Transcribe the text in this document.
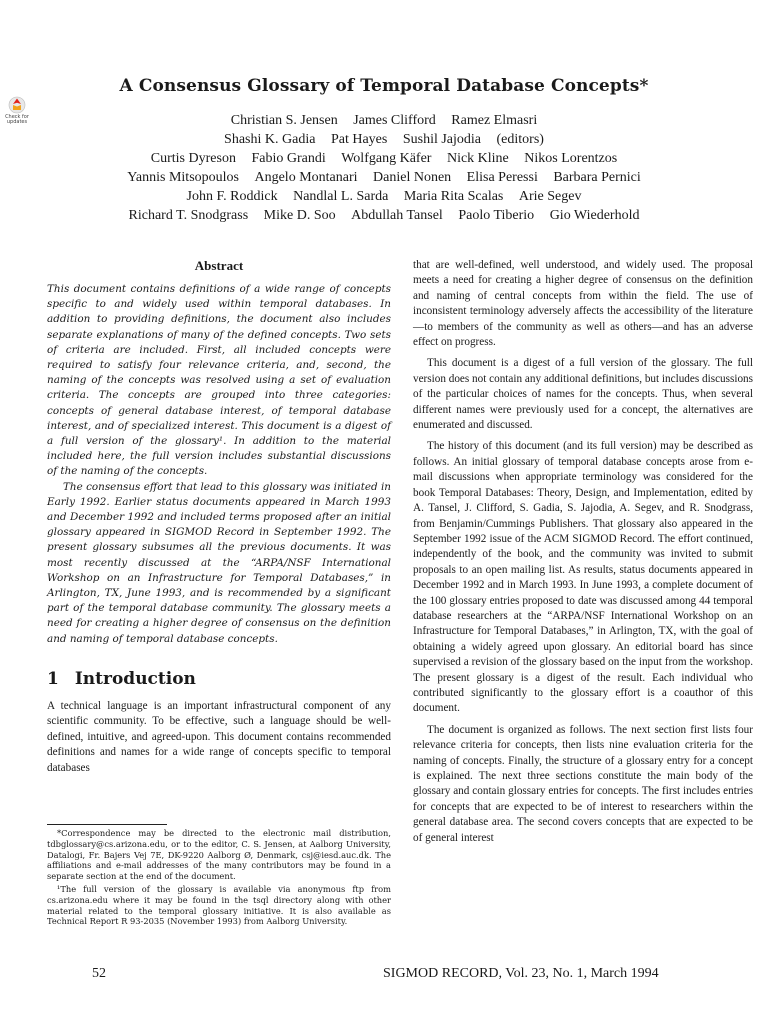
Check for updates
A Consensus Glossary of Temporal Database Concepts*
Christian S. Jensen James Clifford Ramez Elmasri
Shashi K. Gadia Pat Hayes Sushil Jajodia (editors)
Curtis Dyreson Fabio Grandi Wolfgang Käfer Nick Kline Nikos Lorentzos
Yannis Mitsopoulos Angelo Montanari Daniel Nonen Elisa Peressi Barbara Pernici
John F. Roddick Nandlal L. Sarda Maria Rita Scalas Arie Segev
Richard T. Snodgrass Mike D. Soo Abdullah Tansel Paolo Tiberio Gio Wiederhold
Abstract

This document contains definitions of a wide range of concepts specific to and widely used within temporal databases. In addition to providing definitions, the document also includes separate explanations of many of the defined concepts. Two sets of criteria are included. First, all included concepts were required to satisfy four relevance criteria, and, second, the naming of the concepts was resolved using a set of evaluation criteria. The concepts are grouped into three categories: concepts of general database interest, of temporal database interest, and of specialized interest. This document is a digest of a full version of the glossary¹. In addition to the material included here, the full version includes substantial discussions of the naming of the concepts.

The consensus effort that lead to this glossary was initiated in Early 1992. Earlier status documents appeared in March 1993 and December 1992 and included terms proposed after an initial glossary appeared in SIGMOD Record in September 1992. The present glossary subsumes all the previous documents. It was most recently discussed at the “ARPA/NSF International Workshop on an Infrastructure for Temporal Databases,” in Arlington, TX, June 1993, and is recommended by a significant part of the temporal database community. The glossary meets a need for creating a higher degree of consensus on the definition and naming of temporal database concepts.

1 Introduction

A technical language is an important infrastructural component of any scientific community. To be effective, such a language should be well-defined, intuitive, and agreed-upon. This document contains recommended definitions and names for a wide range of concepts specific to temporal databases

*Correspondence may be directed to the electronic mail distribution, tdbglossary@cs.arizona.edu, or to the editor, C. S. Jensen, at Aalborg University, Datalogi, Fr. Bajers Vej 7E, DK-9220 Aalborg Ø, Denmark, csj@iesd.auc.dk. The affiliations and e-mail addresses of the many contributors may be found in a separate section at the end of the document.

¹The full version of the glossary is available via anonymous ftp from cs.arizona.edu where it may be found in the tsql directory along with other material related to the temporal glossary initiative. It is also available as Technical Report R 93-2035 (November 1993) from Aalborg University.

that are well-defined, well understood, and widely used. The proposal meets a need for creating a higher degree of consensus on the definition and naming of central concepts from within the field. The use of inconsistent terminology adversely affects the accessibility of the literature—to members of the community as well as others—and has an adverse effect on progress.

This document is a digest of a full version of the glossary. The full version does not contain any additional definitions, but includes discussions of the particular choices of names for the concepts. Thus, when several different names were previously used for a concept, the alternatives are enumerated and discussed.

The history of this document (and its full version) may be described as follows. An initial glossary of temporal database concepts arose from e-mail discussions when appropriate terminology was considered for the book Temporal Databases: Theory, Design, and Implementation, edited by A. Tansel, J. Clifford, S. Gadia, S. Jajodia, A. Segev, and R. Snodgrass, from Benjamin/Cummings Publishers. That glossary also appeared in the September 1992 issue of the ACM SIGMOD Record. The effort continued, independently of the book, and the community was invited to submit proposals to an open mailing list. As results, status documents appeared in December 1992 and in March 1993. In June 1993, a complete document of the 100 glossary entries proposed to date was discussed among 44 temporal database researchers at the “ARPA/NSF International Workshop on an Infrastructure for Temporal Databases,” in Arlington, TX, with the goal of obtaining a widely agreed upon glossary. An editorial board has since supervised a revision of the glossary based on the input from the workshop. The present glossary is a digest of the result. Each individual who contributed significantly to the glossary effort is a coauthor of this document.

The document is organized as follows. The next section first lists four relevance criteria for concepts, then lists nine evaluation criteria for the naming of concepts. Finally, the structure of a glossary entry for a concept is explained. The next three sections constitute the main body of the glossary and contain glossary entries for concepts. The first includes entries for concepts that are expected to be of interest to researchers within the general database area. The second covers concepts that are expected to be of general interest

52	SIGMOD RECORD, Vol. 23, No. 1, March 1994
